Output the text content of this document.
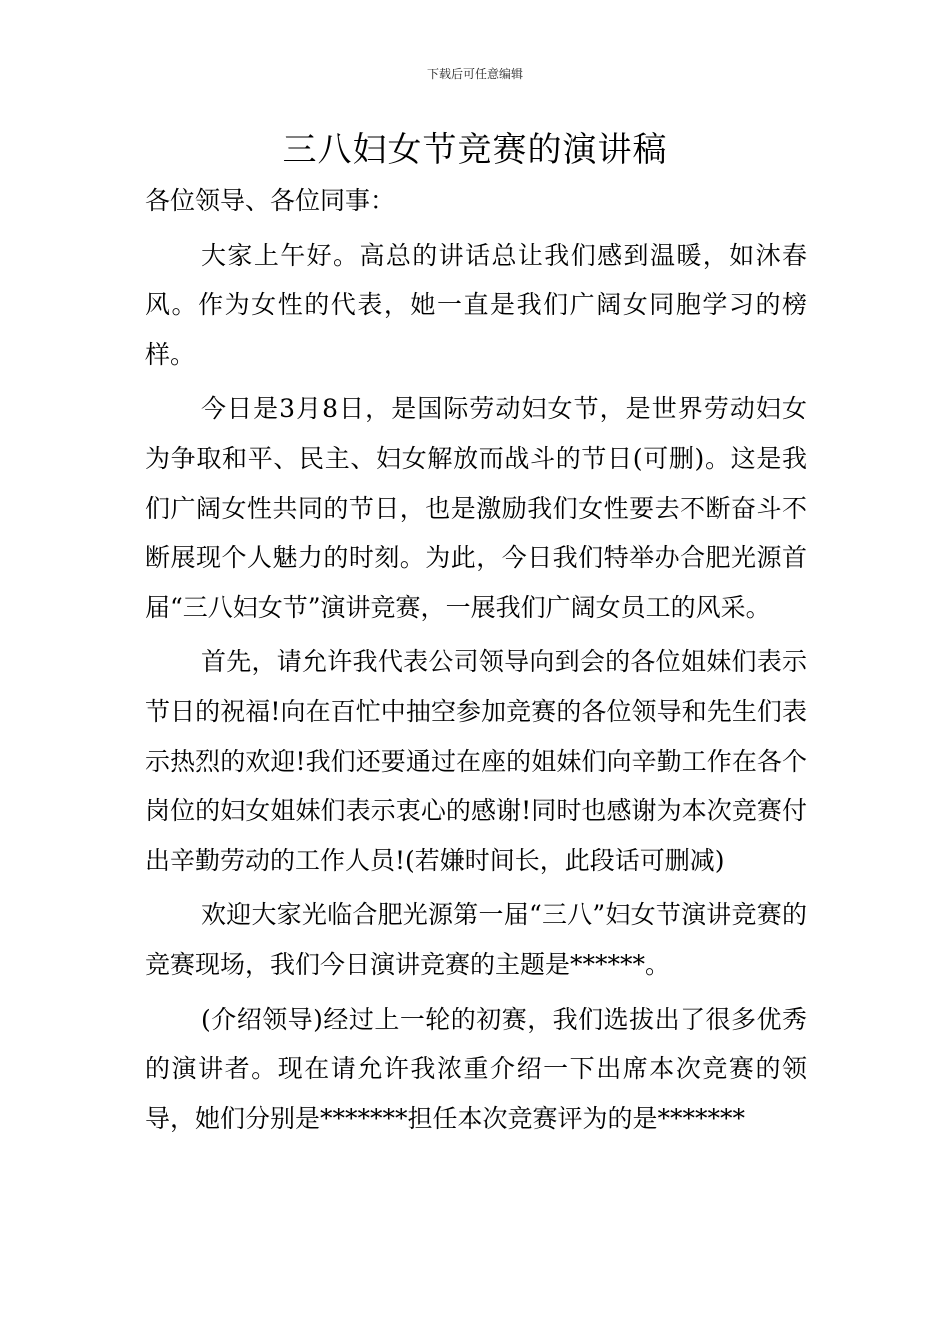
下载后可任意编辑
三八妇女节竞赛的演讲稿

各位领导、各位同事：

大家上午好。高总的讲话总让我们感到温暖，如沐春风。作为女性的代表，她一直是我们广阔女同胞学习的榜样。

今日是3月8日，是国际劳动妇女节，是世界劳动妇女为争取和平、民主、妇女解放而战斗的节日(可删)。这是我们广阔女性共同的节日，也是激励我们女性要去不断奋斗不断展现个人魅力的时刻。为此，今日我们特举办合肥光源首届“三八妇女节”演讲竞赛，一展我们广阔女员工的风采。

首先，请允许我代表公司领导向到会的各位姐妹们表示节日的祝福!向在百忙中抽空参加竞赛的各位领导和先生们表示热烈的欢迎!我们还要通过在座的姐妹们向辛勤工作在各个岗位的妇女姐妹们表示衷心的感谢!同时也感谢为本次竞赛付出辛勤劳动的工作人员!(若嫌时间长，此段话可删减)

欢迎大家光临合肥光源第一届“三八”妇女节演讲竞赛的竞赛现场，我们今日演讲竞赛的主题是******。

(介绍领导)经过上一轮的初赛，我们选拔出了很多优秀的演讲者。现在请允许我浓重介绍一下出席本次竞赛的领导，她们分别是*******担任本次竞赛评为的是*******
